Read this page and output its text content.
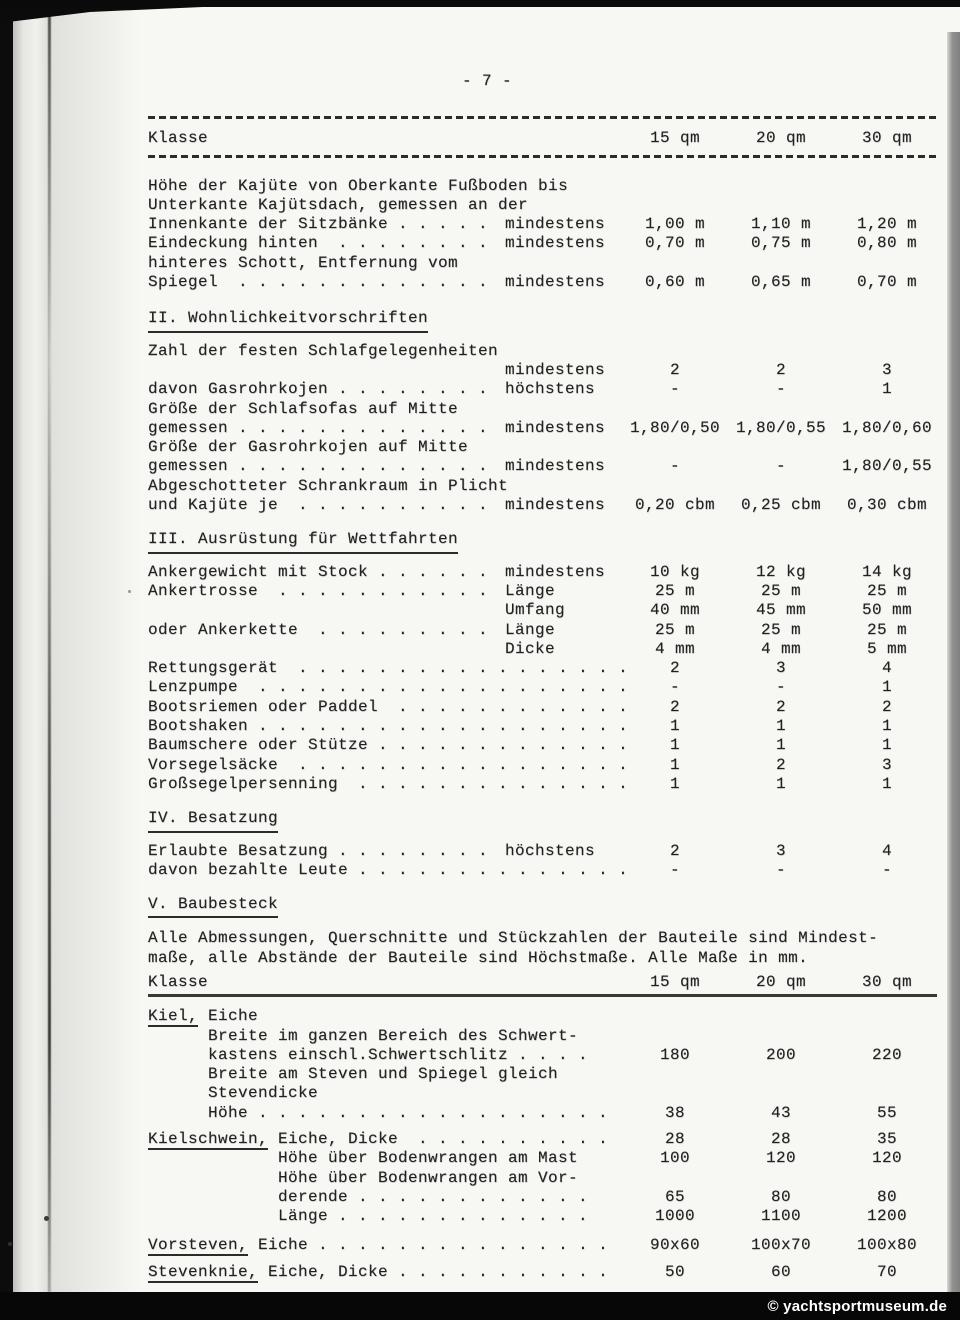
- 7 -
Klasse	15 qm	20 qm	30 qm
Höhe der Kajüte von Oberkante Fußboden bis
Unterkante Kajütsdach, gemessen an der
Innenkante der Sitzbänke . . . . .	mindestens	1,00 m	1,10 m	1,20 m
Eindeckung hinten  . . . . . . . .	mindestens	0,70 m	0,75 m	0,80 m
hinteres Schott, Entfernung vom
Spiegel  . . . . . . . . . . . . .	mindestens	0,60 m	0,65 m	0,70 m
II. Wohnlichkeitvorschriften
Zahl der festen Schlafgelegenheiten
mindestens	2	2	3
davon Gasrohrkojen . . . . . . . .	höchstens	-	-	1
Größe der Schlafsofas auf Mitte
gemessen . . . . . . . . . . . . .	mindestens	1,80/0,50 1,80/0,55 1,80/0,60
Größe der Gasrohrkojen auf Mitte
gemessen . . . . . . . . . . . . .	mindestens	-	-	1,80/0,55
Abgeschotteter Schrankraum in Plicht
und Kajüte je  . . . . . . . . . .	mindestens	0,20 cbm	0,25 cbm	0,30 cbm
III. Ausrüstung für Wettfahrten
Ankergewicht mit Stock . . . . . .	mindestens	10 kg	12 kg	14 kg
Ankertrosse  . . . . . . . . . . .	Länge	25 m	25 m	25 m
Umfang	40 mm	45 mm	50 mm
oder Ankerkette  . . . . . . . . .	Länge	25 m	25 m	25 m
Dicke	4 mm	4 mm	5 mm
Rettungsgerät  . . . . . . . . . . . . . . . . .	2	3	4
Lenzpumpe  . . . . . . . . . . . . . . . . . . .	-	-	1
Bootsriemen oder Paddel  . . . . . . . . . . . .	2	2	2
Bootshaken . . . . . . . . . . . . . . . . . . .	1	1	1
Baumschere oder Stütze . . . . . . . . . . . . .	1	1	1
Vorsegelsäcke  . . . . . . . . . . . . . . . . .	1	2	3
Großsegelpersenning  . . . . . . . . . . . . . .	1	1	1
IV. Besatzung
Erlaubte Besatzung . . . . . . . .	höchstens	2	3	4
davon bezahlte Leute . . . . . . . . . . . . . .	-	-	-
V. Baubesteck
Alle Abmessungen, Querschnitte und Stückzahlen der Bauteile sind Mindest-
maße, alle Abstände der Bauteile sind Höchstmaße. Alle Maße in mm.
Klasse	15 qm	20 qm	30 qm
Kiel, Eiche
Breite im ganzen Bereich des Schwert-
kastens einschl.Schwertschlitz . . . .	180	200	220
Breite am Steven und Spiegel gleich
Stevendicke
Höhe . . . . . . . . . . . . . . . . . .	38	43	55
Kielschwein, Eiche, Dicke  . . . . . . . . . .	28	28	35
Höhe über Bodenwrangen am Mast	100	120	120
Höhe über Bodenwrangen am Vor-
derende . . . . . . . . . . . .	65	80	80
Länge . . . . . . . . . . . . .	1000	1100	1200
Vorsteven, Eiche . . . . . . . . . . . . . . .	90x60	100x70	100x80
Stevenknie, Eiche, Dicke . . . . . . . . . . .	50	60	70
© yachtsportmuseum.de
